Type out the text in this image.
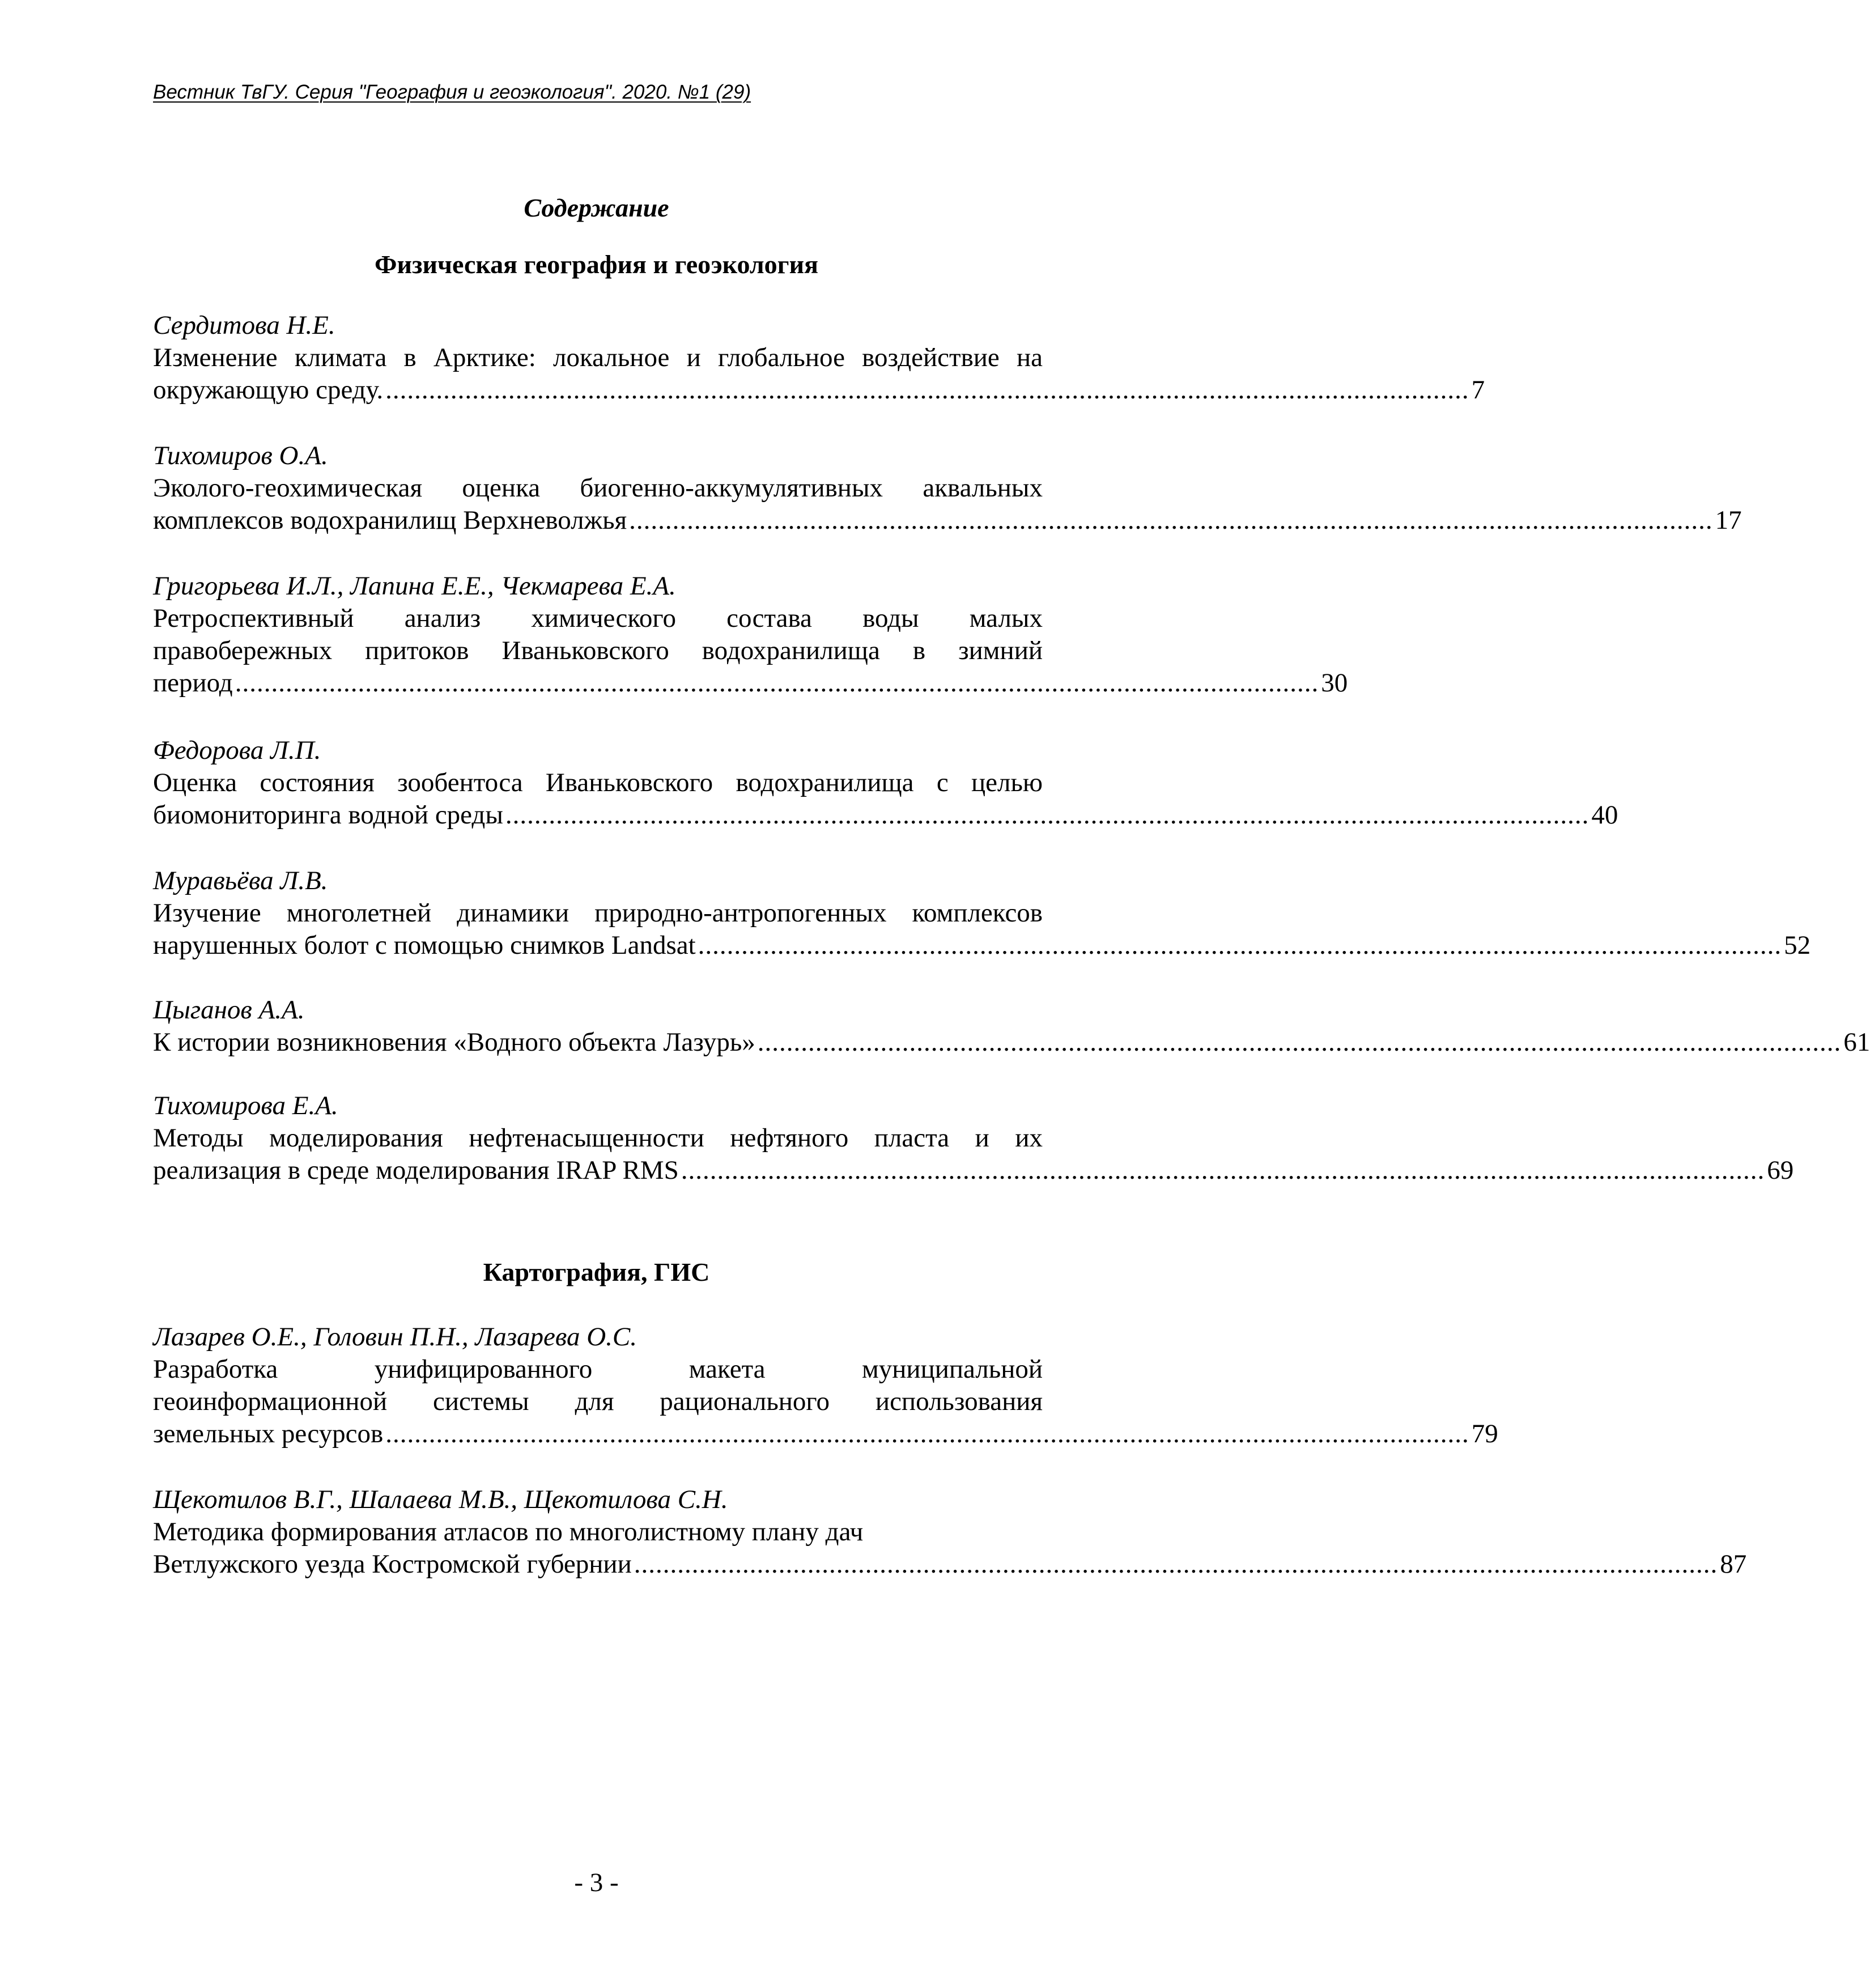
Вестник ТвГУ. Серия "География и геоэкология". 2020. №1 (29)
Содержание
Физическая география и геоэкология
Сердитова Н.Е.
Изменение климата в Арктике: локальное и глобальное воздействие на
окружающую среду. ...................................................................................................................................................... 7
Тихомиров О.А.
Эколого-геохимическая оценка биогенно-аккумулятивных аквальных
комплексов водохранилищ Верхневолжья ...................................................................................................................................................... 17
Григорьева И.Л., Лапина Е.Е., Чекмарева Е.А.
Ретроспективный анализ химического состава воды малых
правобережных притоков Иваньковского водохранилища в зимний
период ...................................................................................................................................................... 30
Федорова Л.П.
Оценка состояния зообентоса Иваньковского водохранилища с целью
биомониторинга водной среды ...................................................................................................................................................... 40
Муравьёва Л.В.
Изучение многолетней динамики природно-антропогенных комплексов
нарушенных болот с помощью снимков Landsat ...................................................................................................................................................... 52
Цыганов А.А.
К истории возникновения «Водного объекта Лазурь» ...................................................................................................................................................... 61
Тихомирова Е.А.
Методы моделирования нефтенасыщенности нефтяного пласта и их
реализация в среде моделирования IRAP RMS ...................................................................................................................................................... 69
Картография, ГИС
Лазарев О.Е., Головин П.Н., Лазарева О.С.
Разработка унифицированного макета муниципальной
геоинформационной системы для рационального использования
земельных ресурсов ...................................................................................................................................................... 79
Щекотилов В.Г., Шалаева М.В., Щекотилова С.Н.
Методика формирования атласов по многолистному плану дач
Ветлужского уезда Костромской губернии ...................................................................................................................................................... 87
- 3 -
